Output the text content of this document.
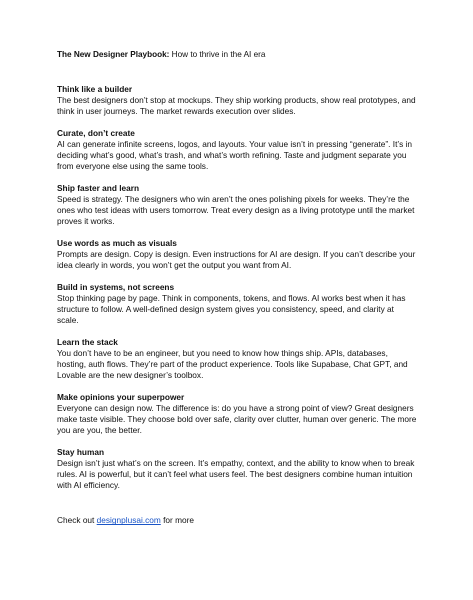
The New Designer Playbook: How to thrive in the AI era

Think like a builder

The best designers don’t stop at mockups. They ship working products, show real prototypes, and think in user journeys. The market rewards execution over slides.

Curate, don’t create

AI can generate infinite screens, logos, and layouts. Your value isn’t in pressing “generate”. It’s in deciding what’s good, what’s trash, and what’s worth refining. Taste and judgment separate you from everyone else using the same tools.

Ship faster and learn

Speed is strategy. The designers who win aren’t the ones polishing pixels for weeks. They’re the ones who test ideas with users tomorrow. Treat every design as a living prototype until the market proves it works.

Use words as much as visuals

Prompts are design. Copy is design. Even instructions for AI are design. If you can’t describe your idea clearly in words, you won’t get the output you want from AI.

Build in systems, not screens

Stop thinking page by page. Think in components, tokens, and flows. AI works best when it has structure to follow. A well-defined design system gives you consistency, speed, and clarity at scale.

Learn the stack

You don’t have to be an engineer, but you need to know how things ship. APIs, databases, hosting, auth flows. They’re part of the product experience. Tools like Supabase, Chat GPT, and Lovable are the new designer’s toolbox.

Make opinions your superpower

Everyone can design now. The difference is: do you have a strong point of view? Great designers make taste visible. They choose bold over safe, clarity over clutter, human over generic. The more you are you, the better.

Stay human

Design isn’t just what’s on the screen. It’s empathy, context, and the ability to know when to break rules. AI is powerful, but it can’t feel what users feel. The best designers combine human intuition with AI efficiency.

Check out designplusai.com for more
